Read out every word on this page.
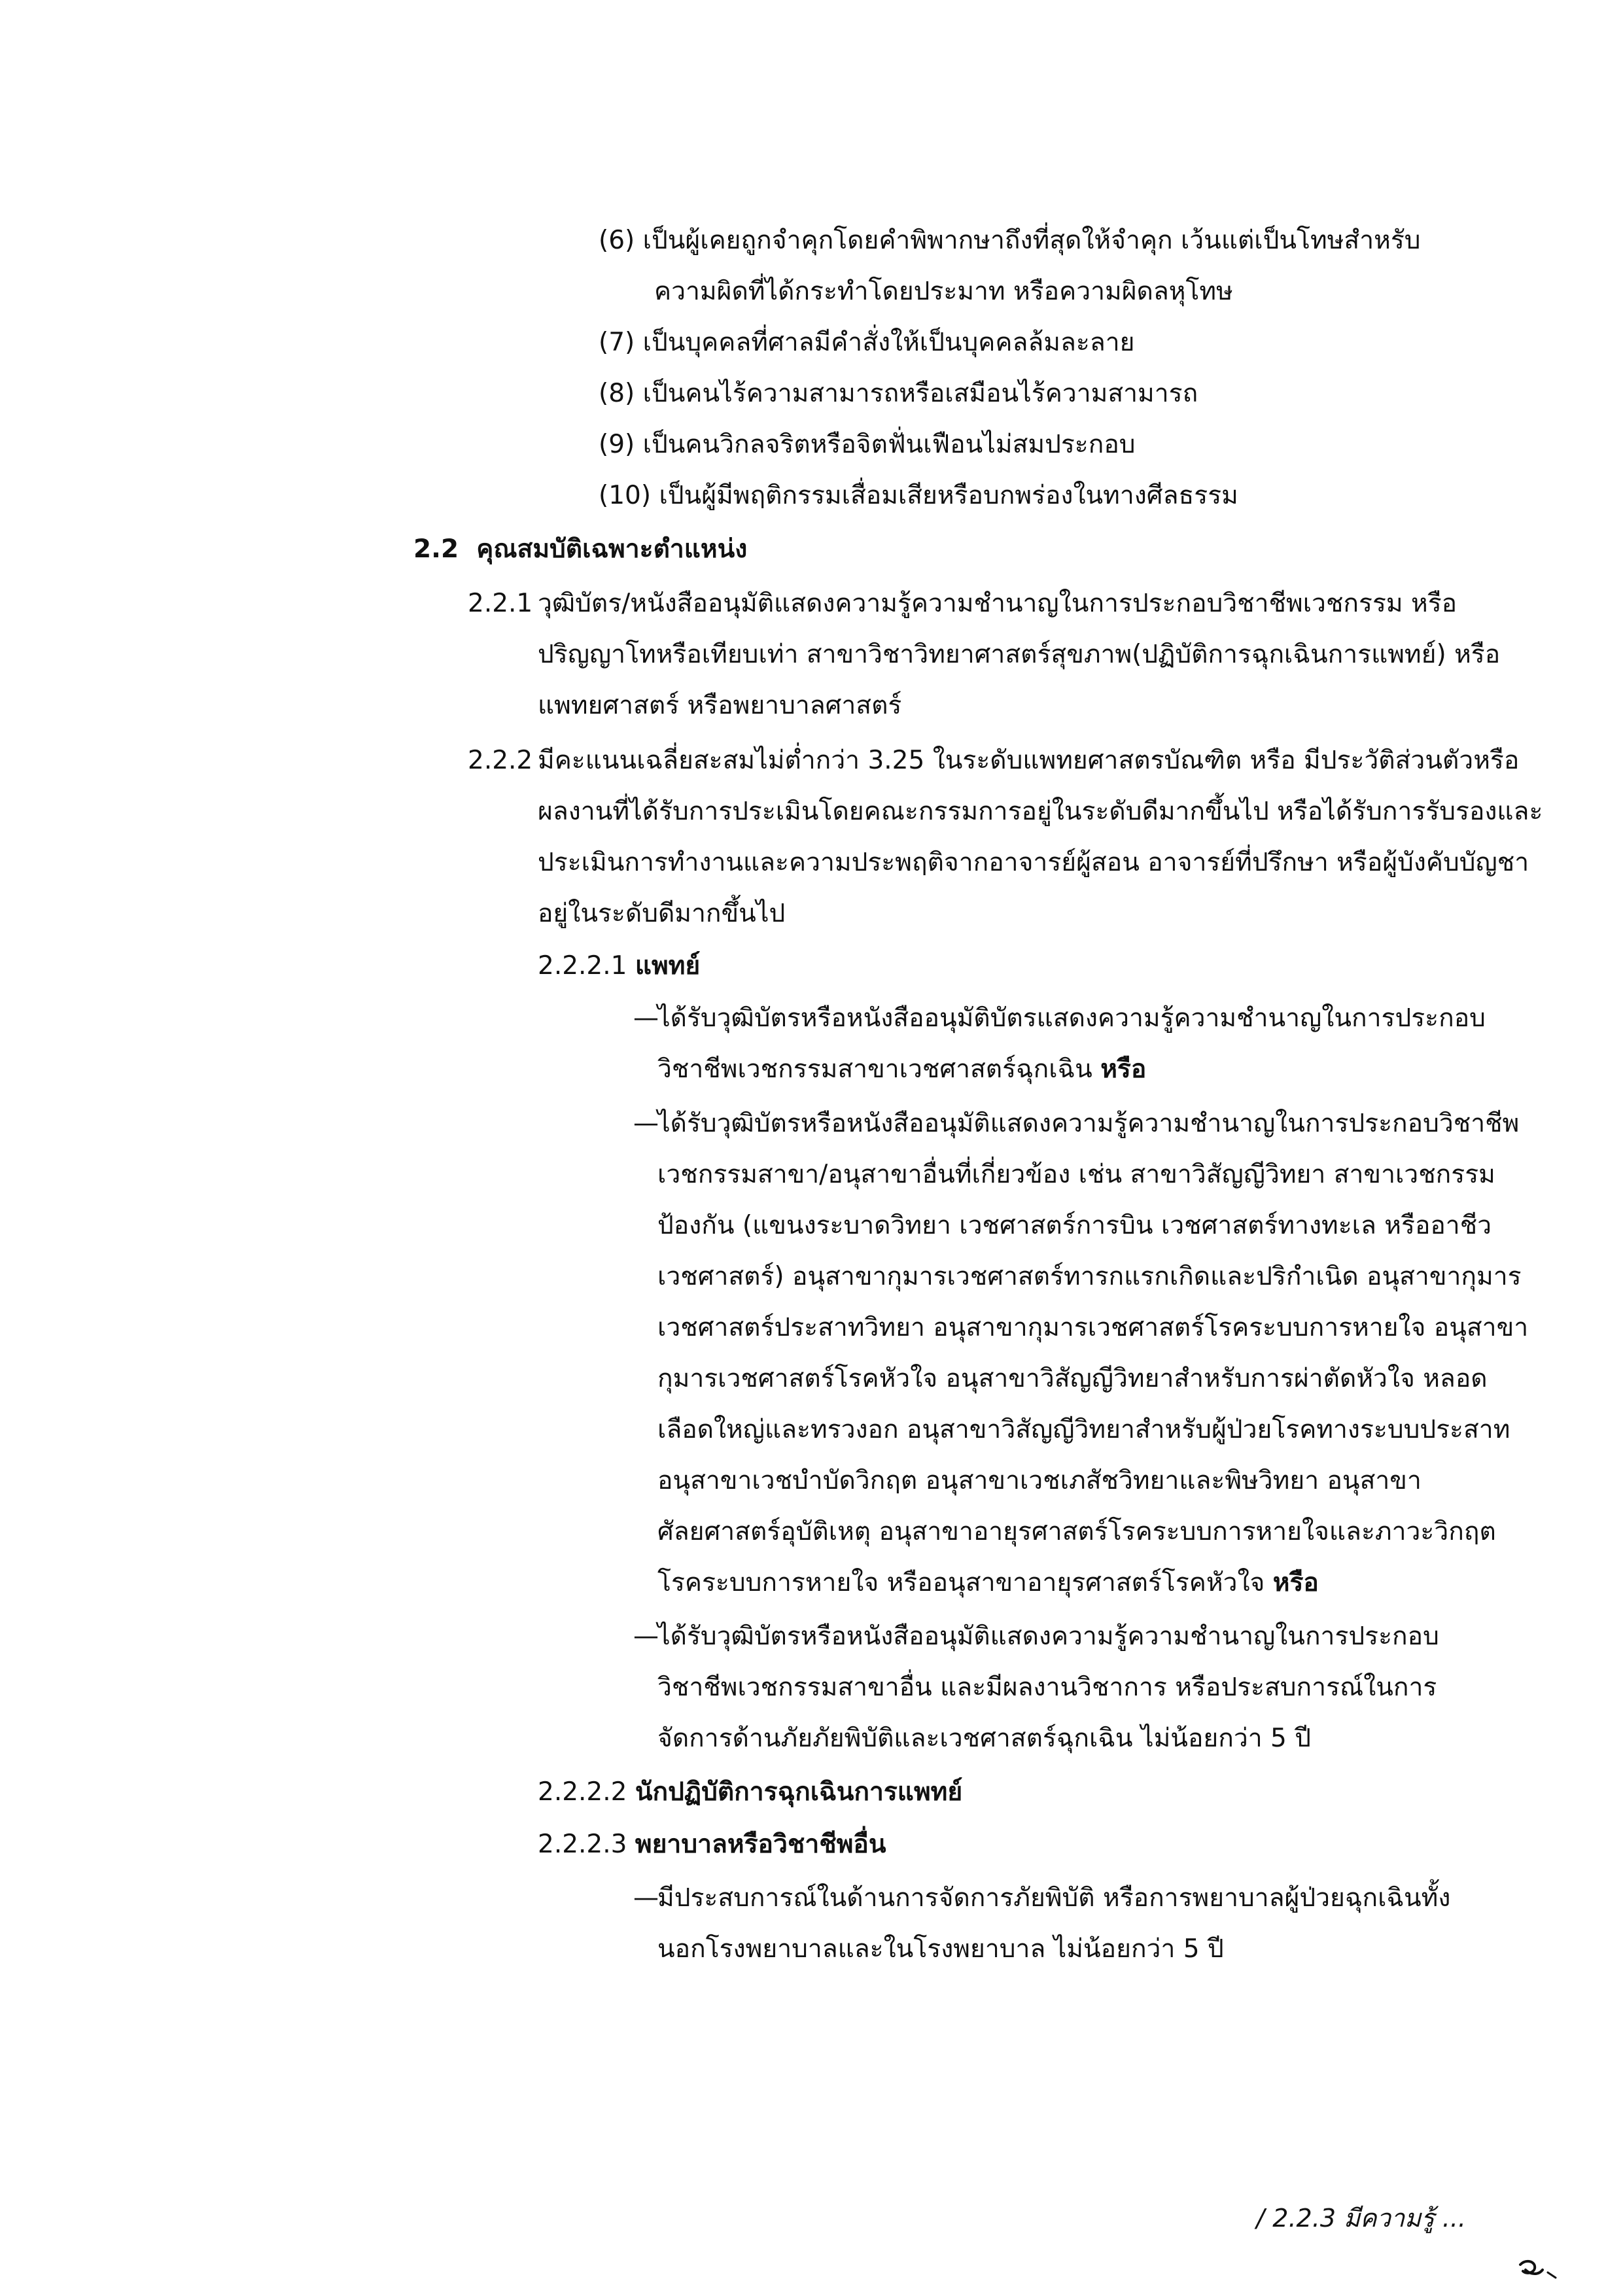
(6) เป็นผู้เคยถูกจำคุกโดยคำพิพากษาถึงที่สุดให้จำคุก เว้นแต่เป็นโทษสำหรับ
ความผิดที่ได้กระทำโดยประมาท หรือความผิดลหุโทษ
(7) เป็นบุคคลที่ศาลมีคำสั่งให้เป็นบุคคลล้มละลาย
(8) เป็นคนไร้ความสามารถหรือเสมือนไร้ความสามารถ
(9) เป็นคนวิกลจริตหรือจิตฟั่นเฟือนไม่สมประกอบ
(10) เป็นผู้มีพฤติกรรมเสื่อมเสียหรือบกพร่องในทางศีลธรรม
2.2 คุณสมบัติเฉพาะตำแหน่ง
2.2.1 วุฒิบัตร/หนังสืออนุมัติแสดงความรู้ความชำนาญในการประกอบวิชาชีพเวชกรรม หรือ
ปริญญาโทหรือเทียบเท่า สาขาวิชาวิทยาศาสตร์สุขภาพ(ปฏิบัติการฉุกเฉินการแพทย์) หรือ
แพทยศาสตร์ หรือพยาบาลศาสตร์
2.2.2 มีคะแนนเฉลี่ยสะสมไม่ต่ำกว่า 3.25 ในระดับแพทยศาสตรบัณฑิต หรือ มีประวัติส่วนตัวหรือ
ผลงานที่ได้รับการประเมินโดยคณะกรรมการอยู่ในระดับดีมากขึ้นไป หรือได้รับการรับรองและ
ประเมินการทำงานและความประพฤติจากอาจารย์ผู้สอน อาจารย์ที่ปรึกษา หรือผู้บังคับบัญชา
อยู่ในระดับดีมากขึ้นไป
2.2.2.1 แพทย์
—
ได้รับวุฒิบัตรหรือหนังสืออนุมัติบัตรแสดงความรู้ความชำนาญในการประกอบ
วิชาชีพเวชกรรมสาขาเวชศาสตร์ฉุกเฉิน หรือ
—
ได้รับวุฒิบัตรหรือหนังสืออนุมัติแสดงความรู้ความชำนาญในการประกอบวิชาชีพ
เวชกรรมสาขา/อนุสาขาอื่นที่เกี่ยวข้อง เช่น สาขาวิสัญญีวิทยา สาขาเวชกรรม
ป้องกัน (แขนงระบาดวิทยา เวชศาสตร์การบิน เวชศาสตร์ทางทะเล หรืออาชีว
เวชศาสตร์) อนุสาขากุมารเวชศาสตร์ทารกแรกเกิดและปริกำเนิด อนุสาขากุมาร
เวชศาสตร์ประสาทวิทยา อนุสาขากุมารเวชศาสตร์โรคระบบการหายใจ อนุสาขา
กุมารเวชศาสตร์โรคหัวใจ อนุสาขาวิสัญญีวิทยาสำหรับการผ่าตัดหัวใจ หลอด
เลือดใหญ่และทรวงอก อนุสาขาวิสัญญีวิทยาสำหรับผู้ป่วยโรคทางระบบประสาท
อนุสาขาเวชบำบัดวิกฤต อนุสาขาเวชเภสัชวิทยาและพิษวิทยา อนุสาขา
ศัลยศาสตร์อุบัติเหตุ อนุสาขาอายุรศาสตร์โรคระบบการหายใจและภาวะวิกฤต
โรคระบบการหายใจ หรืออนุสาขาอายุรศาสตร์โรคหัวใจ หรือ
—
ได้รับวุฒิบัตรหรือหนังสืออนุมัติแสดงความรู้ความชำนาญในการประกอบ
วิชาชีพเวชกรรมสาขาอื่น และมีผลงานวิชาการ หรือประสบการณ์ในการ
จัดการด้านภัยภัยพิบัติและเวชศาสตร์ฉุกเฉิน ไม่น้อยกว่า 5 ปี
2.2.2.2 นักปฏิบัติการฉุกเฉินการแพทย์
2.2.2.3 พยาบาลหรือวิชาชีพอื่น
—
มีประสบการณ์ในด้านการจัดการภัยพิบัติ หรือการพยาบาลผู้ป่วยฉุกเฉินทั้ง
นอกโรงพยาบาลและในโรงพยาบาล ไม่น้อยกว่า 5 ปี
/ 2.2.3 มีความรู้ ...
